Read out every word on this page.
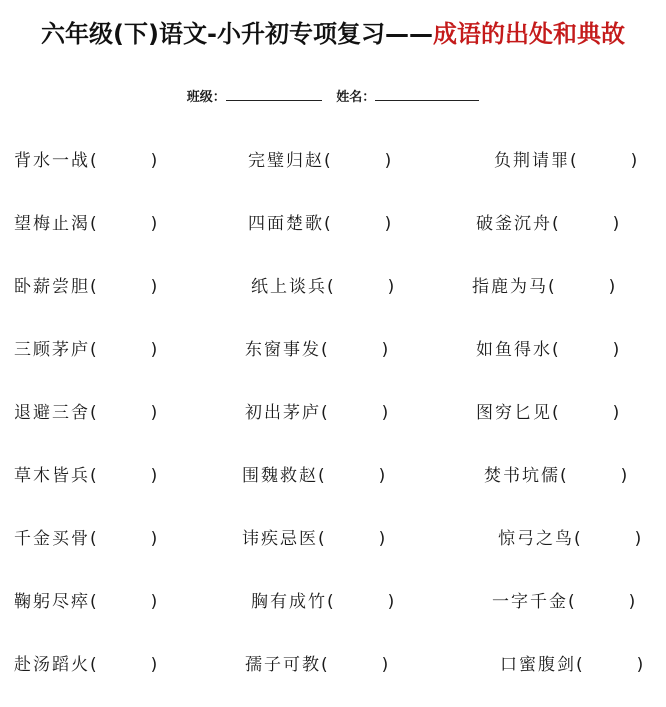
六年级(下)语文-小升初专项复习——成语的出处和典故
班级：	姓名：
背水一战(	)	完璧归赵(	)	负荆请罪(	)
望梅止渴(	)	四面楚歌(	)	破釜沉舟(	)
卧薪尝胆(	)	纸上谈兵(	)	指鹿为马(	)
三顾茅庐(	)	东窗事发(	)	如鱼得水(	)
退避三舍(	)	初出茅庐(	)	图穷匕见(	)
草木皆兵(	)	围魏救赵(	)	焚书坑儒(	)
千金买骨(	)	讳疾忌医(	)	惊弓之鸟(	)
鞠躬尽瘁(	)	胸有成竹(	)	一字千金(	)
赴汤蹈火(	)	孺子可教(	)	口蜜腹剑(	)
